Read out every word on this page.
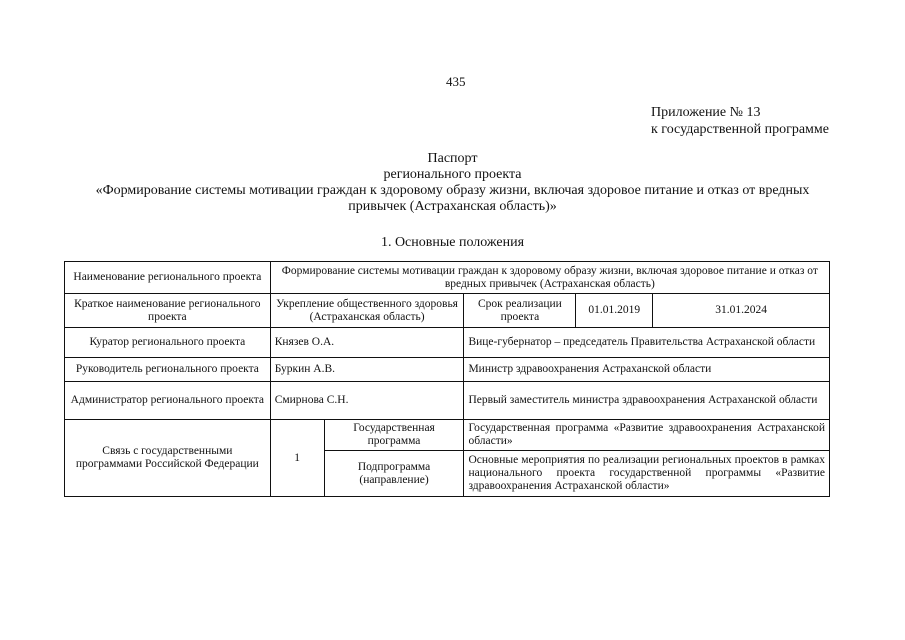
435
Приложение № 13
к государственной программе
Паспорт
регионального проекта
«Формирование системы мотивации граждан к здоровому образу жизни, включая здоровое питание и отказ от вредных
привычек (Астраханская область)»
1. Основные положения
Наименование регионального проекта	Формирование системы мотивации граждан к здоровому образу жизни, включая здоровое питание и отказ от вредных привычек (Астраханская область)				
Краткое наименование регионального проекта	Укрепление общественного здоровья (Астраханская область)		Срок реализации проекта	01.01.2019	31.01.2024
Куратор регионального проекта	Князев О.А.		Вице-губернатор – председатель Правительства Астраханской области		
Руководитель регионального проекта	Буркин А.В.		Министр здравоохранения Астраханской области		
Администратор регионального проекта	Смирнова С.Н.		Первый заместитель министра здравоохранения Астраханской области		
Связь с государственными программами Российской Федерации	1	Государственная программа	Государственная программа «Развитие здравоохранения Астраханской области»		
		Подпрограмма (направление)	Основные мероприятия по реализации региональных проектов в рамках национального проекта государственной программы «Развитие здравоохранения Астраханской области»		
